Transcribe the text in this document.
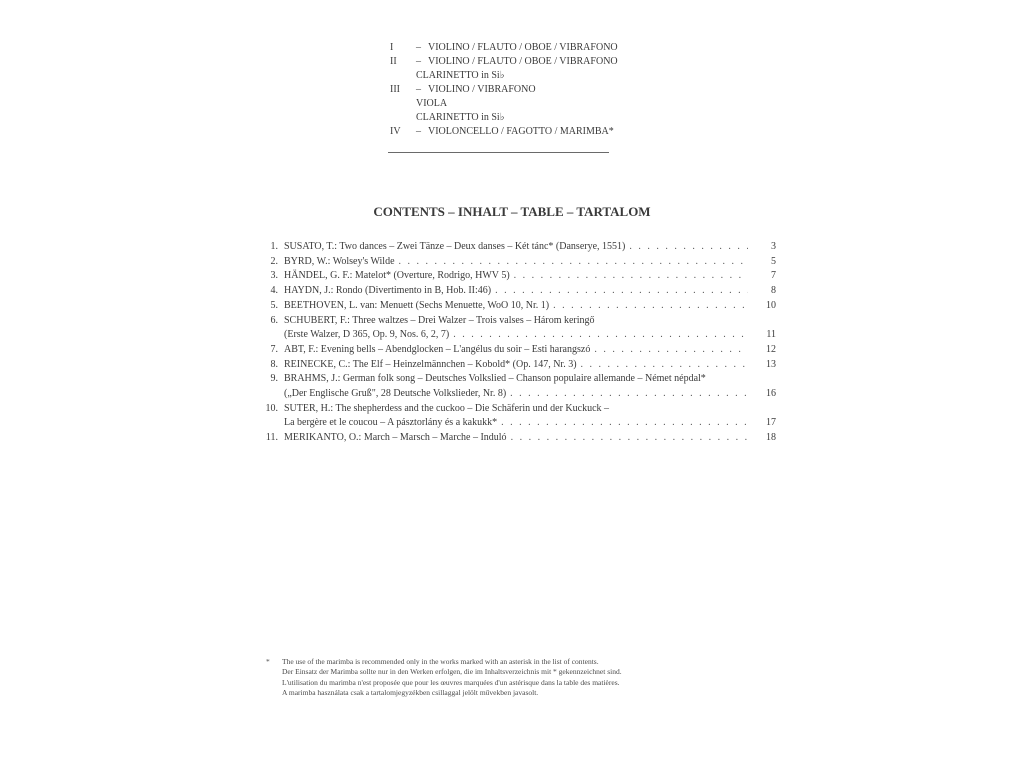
I	– VIOLINO / FLAUTO / OBOE / VIBRAFONO
II	– VIOLINO / FLAUTO / OBOE / VIBRAFONO
CLARINETTO in Si♭
III	– VIOLINO / VIBRAFONO
VIOLA
CLARINETTO in Si♭
IV	– VIOLONCELLO / FAGOTTO / MARIMBA*
CONTENTS – INHALT – TABLE – TARTALOM
1. SUSATO, T.: Two dances – Zwei Tänze – Deux danses – Két tánc* (Danserye, 1551) . . .	3
2. BYRD, W.: Wolsey's Wilde . . .	5
3. HÄNDEL, G. F.: Matelot* (Overture, Rodrigo, HWV 5) . . .	7
4. HAYDN, J.: Rondo (Divertimento in B, Hob. II:46) . . .	8
5. BEETHOVEN, L. van: Menuett (Sechs Menuette, WoO 10, Nr. 1) . . .	10
6. SCHUBERT, F.: Three waltzes – Drei Walzer – Trois valses – Három keringő
(Erste Walzer, D 365, Op. 9, Nos. 6, 2, 7) . . .	11
7. ABT, F.: Evening bells – Abendglocken – L'angélus du soir – Esti harangszó . . .	12
8. REINECKE, C.: The Elf – Heinzelmännchen – Kobold* (Op. 147, Nr. 3) . . .	13
9. BRAHMS, J.: German folk song – Deutsches Volkslied – Chanson populaire allemande – Német népdal*
(„Der Englische Gruß", 28 Deutsche Volkslieder, Nr. 8) . . .	16
10. SUTER, H.: The shepherdess and the cuckoo – Die Schäferin und der Kuckuck –
La bergère et le coucou – A pásztorlány és a kakukk* . . .	17
11. MERIKANTO, O.: March – Marsch – Marche – Induló . . .	18
*	The use of the marimba is recommended only in the works marked with an asterisk in the list of contents.
Der Einsatz der Marimba sollte nur in den Werken erfolgen, die im Inhaltsverzeichnis mit * gekennzeichnet sind.
L'utilisation du marimba n'est proposée que pour les œuvres marquées d'un astérisque dans la table des matières.
A marimba használata csak a tartalomjegyzékben csillaggal jelölt művekben javasolt.
